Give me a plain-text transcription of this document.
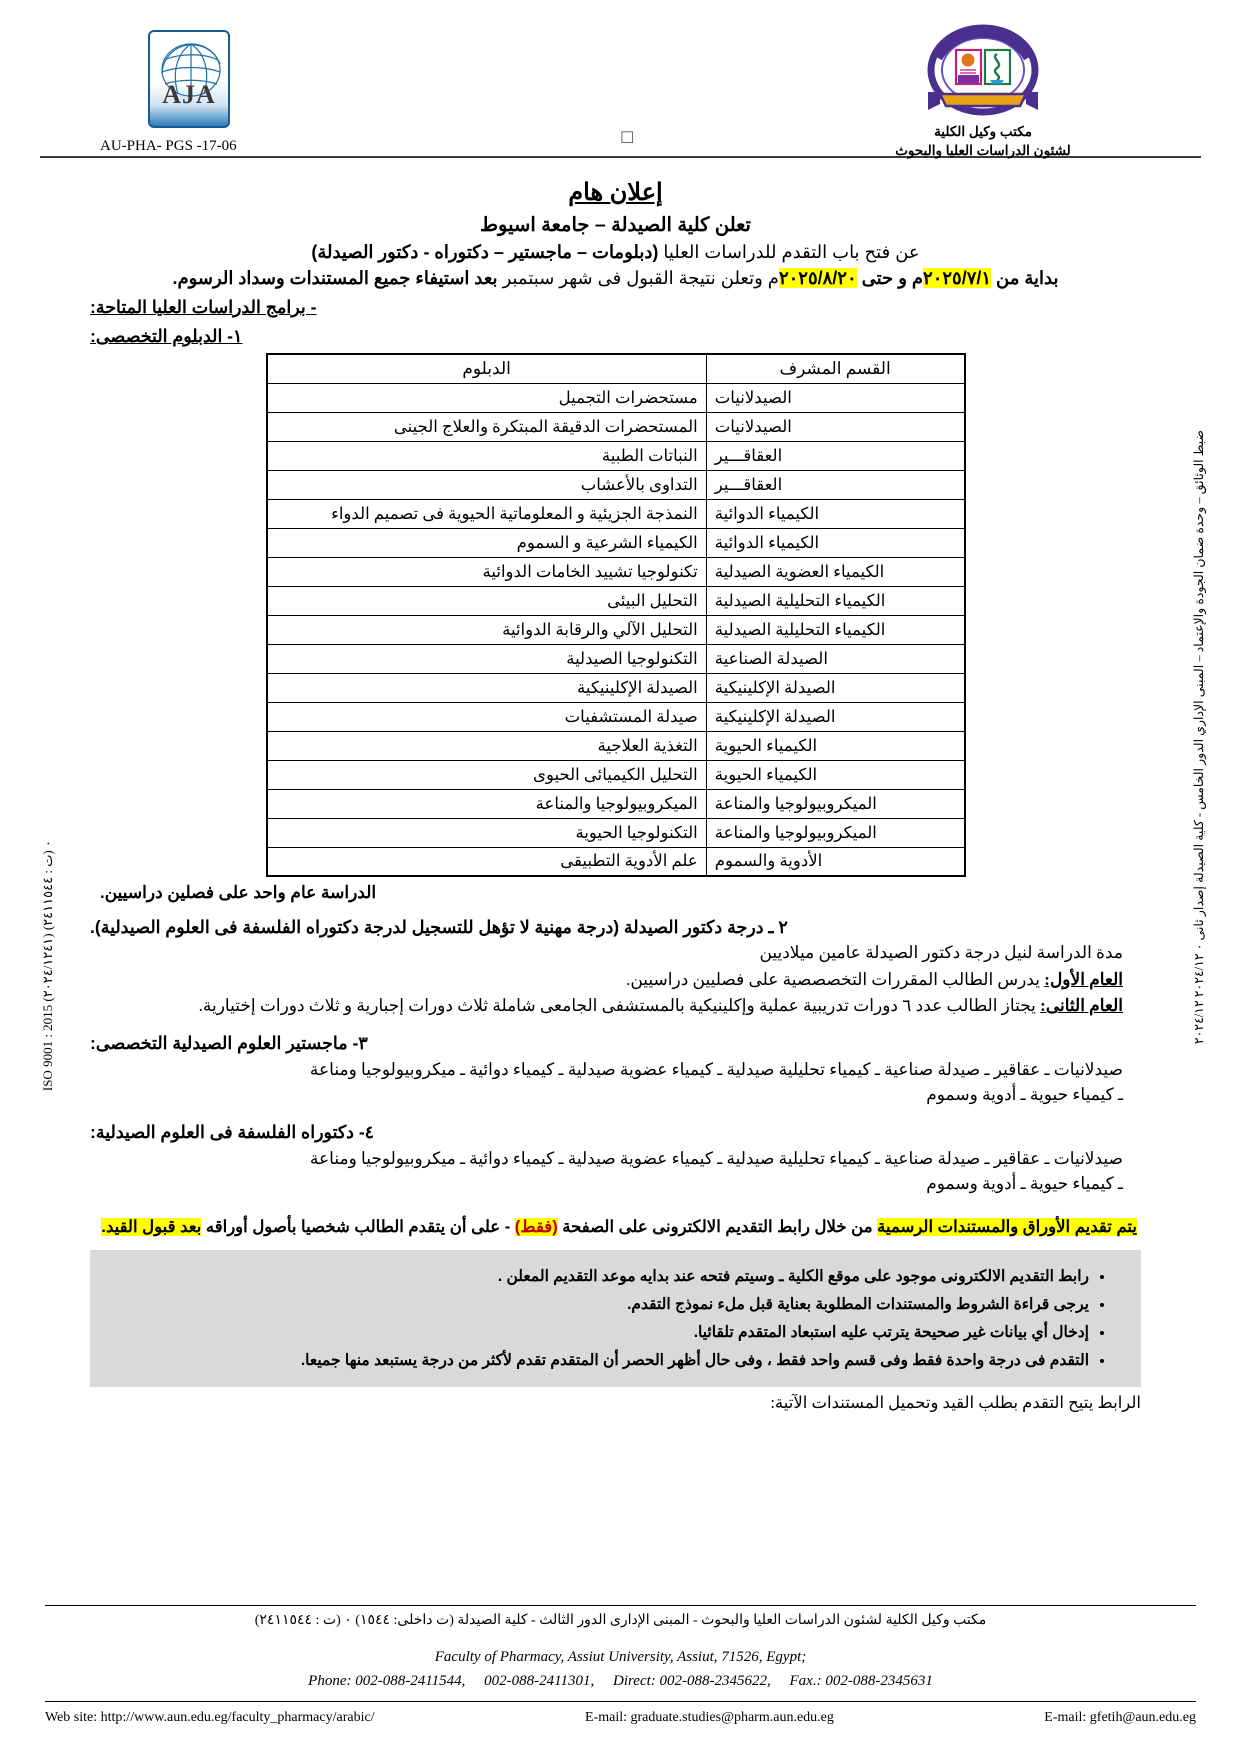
AJA
AU-PHA- PGS -17-06	☐	مكتب وكيل الكلية
لشئون الدراسات العليا والبحوث
ضبط الوثائق – وحدة ضمان الجودة والإعتماد – المبنى الإداري الدور الخامس - كلية الصيدلة إصدار ثانى ٠ ٢٠٢٤/١٢ ٢٠٢٤/١٢
ISO 9001 : 2015 (٢٠٢٤/١٢٤١) ٠ (ت : ٢٤١١٥٤٤)
إعلان هام
تعلن كلية الصيدلة – جامعة اسيوط
عن فتح باب التقدم للدراسات العليا (دبلومات – ماجستير – دكتوراه - دكتور الصيدلة)
بداية من ٢٠٢٥/٧/١م و حتى ٢٠٢٥/٨/٢٠م وتعلن نتيجة القبول فى شهر سبتمبر بعد استيفاء جميع المستندات وسداد الرسوم.
- برامج الدراسات العليا المتاحة:
١- الدبلوم التخصصى:
القسم المشرف	الدبلوم
الصيدلانيات	مستحضرات التجميل
الصيدلانيات	المستحضرات الدقيقة المبتكرة والعلاج الجينى
العقاقـــير	النباتات الطبية
العقاقـــير	التداوى بالأعشاب
الكيمياء الدوائية	النمذجة الجزيئية و المعلوماتية الحيوية فى تصميم الدواء
الكيمياء الدوائية	الكيمياء الشرعية و السموم
الكيمياء العضوية الصيدلية	تكنولوجيا تشييد الخامات الدوائية
الكيمياء التحليلية الصيدلية	التحليل البيئى
الكيمياء التحليلية الصيدلية	التحليل الآلي والرقابة الدوائية
الصيدلة الصناعية	التكنولوجيا الصيدلية
الصيدلة الإكلينيكية	الصيدلة الإكلينيكية
الصيدلة الإكلينيكية	صيدلة المستشفيات
الكيمياء الحيوية	التغذية العلاجية
الكيمياء الحيوية	التحليل الكيميائى الحيوى
الميكروبيولوجيا والمناعة	الميكروبيولوجيا والمناعة
الميكروبيولوجيا والمناعة	التكنولوجيا الحيوية
الأدوية والسموم	علم الأدوية التطبيقى
الدراسة عام واحد على فصلين دراسيين.
٢ ـ درجة دكتور الصيدلة (درجة مهنية لا تؤهل للتسجيل لدرجة دكتوراه الفلسفة فى العلوم الصيدلية).
مدة الدراسة لنيل درجة دكتور الصيدلة عامين ميلاديين
العام الأول: يدرس الطالب المقررات التخصصصية على فصليين دراسيين.
العام الثانى: يجتاز الطالب عدد ٦ دورات تدريبية عملية وإكلينيكية بالمستشفى الجامعى شاملة ثلاث دورات إجبارية و ثلاث دورات إختيارية.
٣- ماجستير العلوم الصيدلية التخصصى:
صيدلانيات ـ عقاقير ـ صيدلة صناعية ـ كيمياء تحليلية صيدلية ـ كيمياء عضوية صيدلية ـ كيمياء دوائية ـ ميكروبيولوجيا ومناعة
ـ كيمياء حيوية ـ أدوية وسموم
٤- دكتوراه الفلسفة فى العلوم الصيدلية:
صيدلانيات ـ عقاقير ـ صيدلة صناعية ـ كيمياء تحليلية صيدلية ـ كيمياء عضوية صيدلية ـ كيمياء دوائية ـ ميكروبيولوجيا ومناعة
ـ كيمياء حيوية ـ أدوية وسموم
يتم تقديم الأوراق والمستندات الرسمية من خلال رابط التقديم الالكترونى على الصفحة (فقط) - على أن يتقدم الطالب شخصيا بأصول أوراقه بعد قبول القيد.
• رابط التقديم الالكترونى موجود على موقع الكلية ـ وسيتم فتحه عند بدايه موعد التقديم المعلن .
• يرجى قراءة الشروط والمستندات المطلوبة بعناية قبل ملء نموذج التقدم.
• إدخال أي بيانات غير صحيحة يترتب عليه استبعاد المتقدم تلقائيا.
• التقدم فى درجة واحدة فقط وفى قسم واحد فقط ، وفى حال أظهر الحصر أن المتقدم تقدم لأكثر من درجة يستبعد منها جميعا.
الرابط يتيح التقدم بطلب القيد وتحميل المستندات الآتية:
مكتب وكيل الكلية لشئون الدراسات العليا والبحوث - المبنى الإدارى الدور الثالث - كلية الصيدلة (ت داخلى: ١٥٤٤) ٠ (ت : ٢٤١١٥٤٤)
Faculty of Pharmacy, Assiut University, Assiut, 71526, Egypt;
Phone: 002-088-2411544, 002-088-2411301, Direct: 002-088-2345622, Fax.: 002-088-2345631
Web site: http://www.aun.edu.eg/faculty_pharmacy/arabic/	E-mail: graduate.studies@pharm.aun.edu.eg	E-mail: gfetih@aun.edu.eg
